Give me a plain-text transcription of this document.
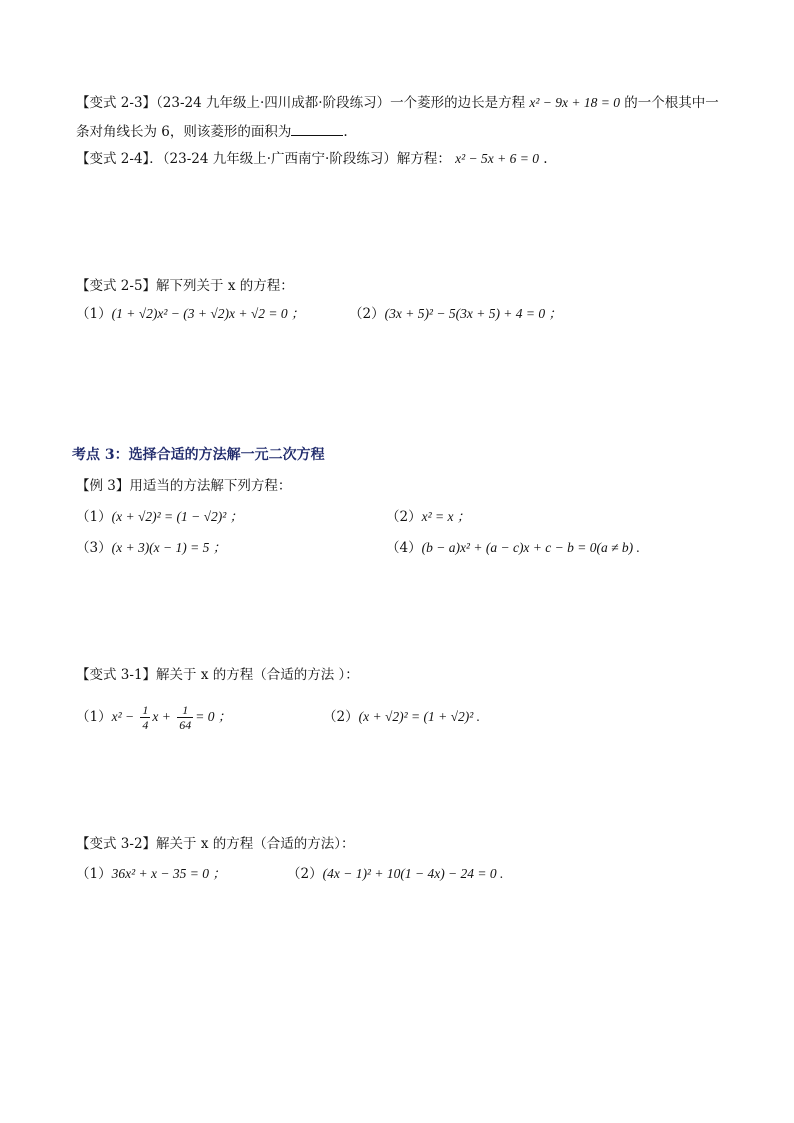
【变式 2-3】（23-24 九年级上·四川成都·阶段练习）一个菱形的边长是方程 x² − 9x + 18 = 0 的一个根其中一
条对角线长为 6，则该菱形的面积为	.
【变式 2-4】．（23-24 九年级上·广西南宁·阶段练习）解方程： x² − 5x + 6 = 0 .
【变式 2-5】解下列关于 x 的方程：
（1）(1 + √2)x² − (3 + √2)x + √2 = 0 ；	（2）(3x + 5)² − 5(3x + 5) + 4 = 0 ；
考点 3：选择合适的方法解一元二次方程
【例 3】用适当的方法解下列方程：
（1）(x + √2)² = (1 − √2)² ；	（2）x² = x ；
（3）(x + 3)(x − 1) = 5 ；	（4）(b − a)x² + (a − c)x + c − b = 0(a ≠ b) .
【变式 3-1】解关于 x 的方程（合适的方法 ）：
$(1)x^2 - \frac{1}{4}$ $x + \frac{1}{64} = 0$ ；	（2）(x + √2)² = (1 + √2)² .
【变式 3-2】解关于 x 的方程（合适的方法）：
（1）36x² + x − 35 = 0 ；	（2）(4x − 1)² + 10(1 − 4x) − 24 = 0 .
